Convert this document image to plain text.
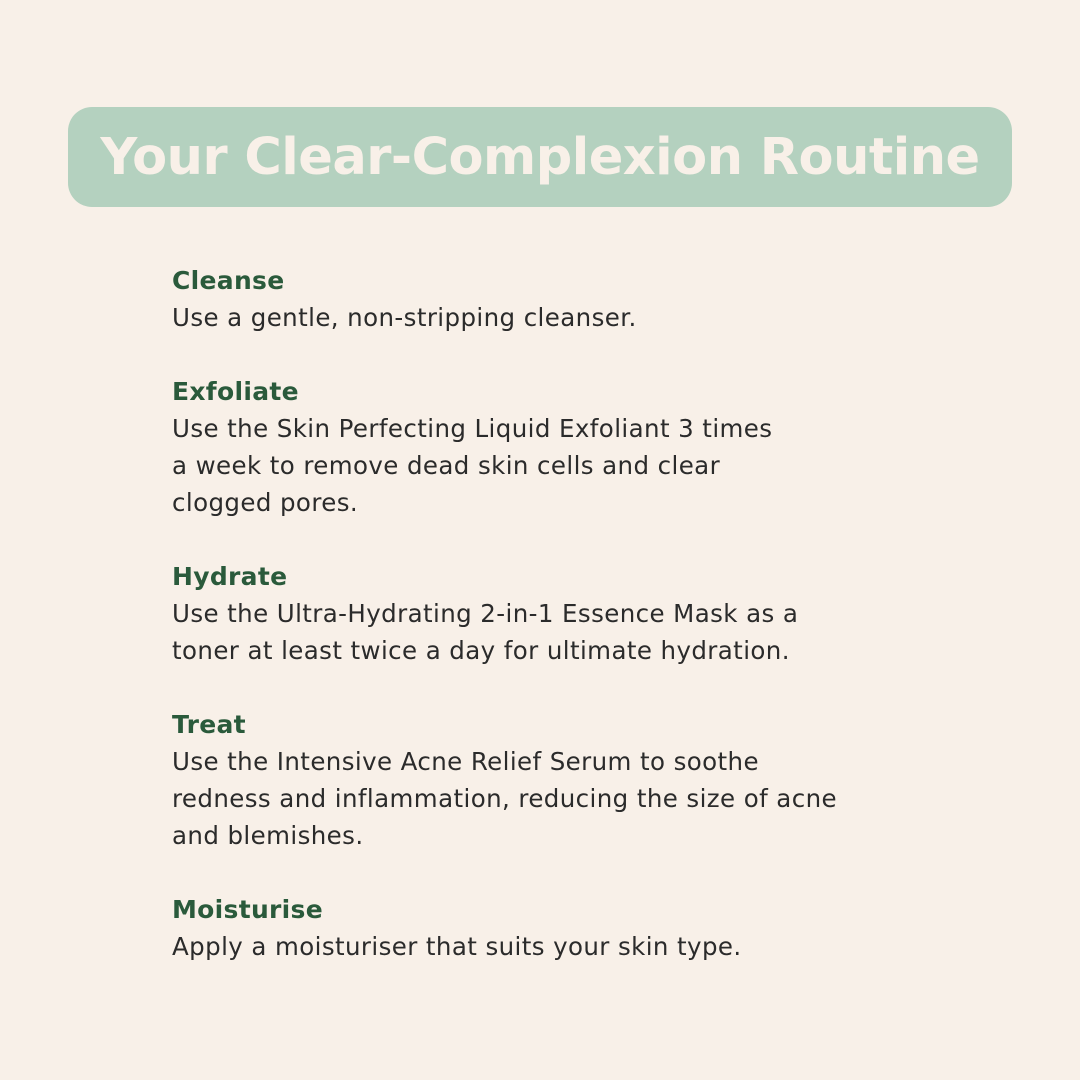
Your Clear-Complexion Routine
Cleanse
Use a gentle, non-stripping cleanser.
Exfoliate
Use the Skin Perfecting Liquid Exfoliant 3 times
a week to remove dead skin cells and clear
clogged pores.
Hydrate
Use the Ultra-Hydrating 2-in-1 Essence Mask as a
toner at least twice a day for ultimate hydration.
Treat
Use the Intensive Acne Relief Serum to soothe
redness and inflammation, reducing the size of acne
and blemishes.
Moisturise
Apply a moisturiser that suits your skin type.
